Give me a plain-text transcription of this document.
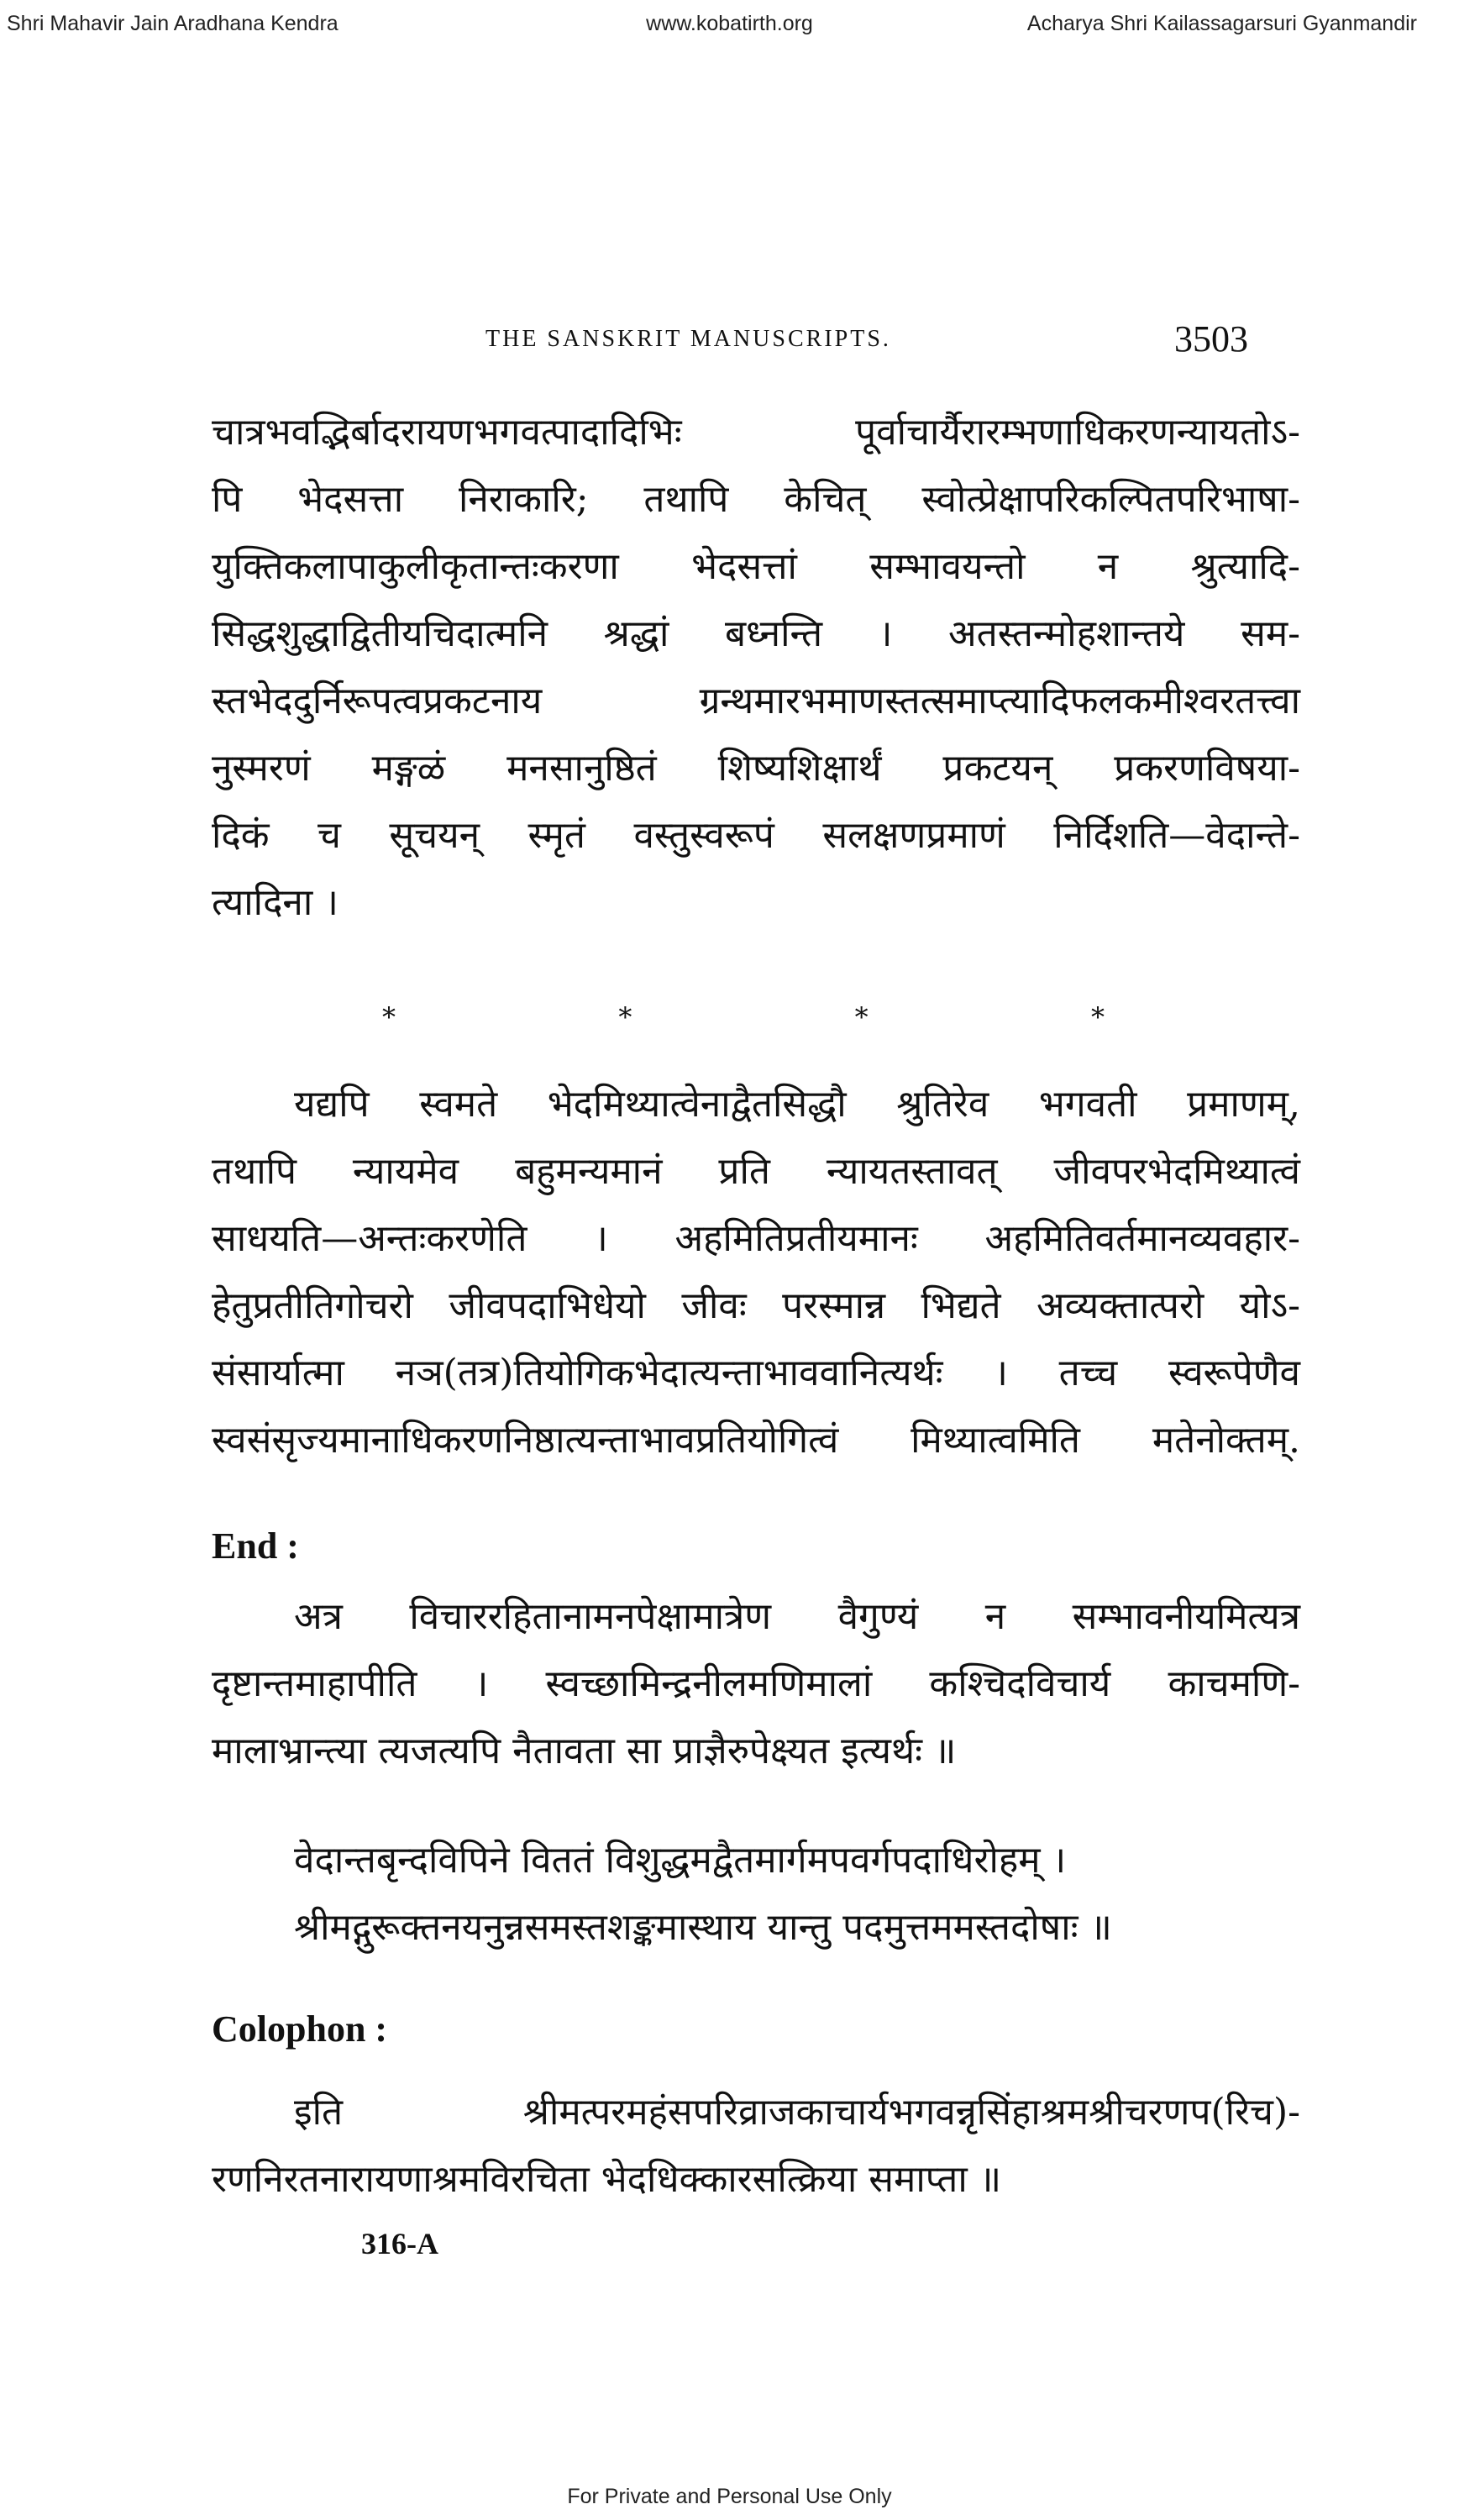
Shri Mahavir Jain Aradhana Kendra	www.kobatirth.org	Acharya Shri Kailassagarsuri Gyanmandir
THE SANSKRIT MANUSCRIPTS.	3503
चात्रभवद्भिर्बादरायणभगवत्पादादिभिः पूर्वाचार्यैरारम्भणाधिकरणन्यायतोऽ-
पि भेदसत्ता निराकारि; तथापि केचित् स्वोत्प्रेक्षापरिकल्पितपरिभाषा-
युक्तिकलापाकुलीकृतान्तःकरणा भेदसत्तां सम्भावयन्तो न श्रुत्यादि-
सिद्धशुद्धाद्वितीयचिदात्मनि श्रद्धां बध्नन्ति । अतस्तन्मोहशान्तये सम-
स्तभेददुर्निरूपत्वप्रकटनाय ग्रन्थमारभमाणस्तत्समाप्त्यादिफलकमीश्वरतत्त्वा
नुस्मरणं मङ्गळं मनसानुष्ठितं शिष्यशिक्षार्थं प्रकटयन् प्रकरणविषया-
दिकं च सूचयन् स्मृतं वस्तुस्वरूपं सलक्षणप्रमाणं निर्दिशति—वेदान्ते-
त्यादिना ।
*	*	*	*
यद्यपि स्वमते भेदमिथ्यात्वेनाद्वैतसिद्धौ श्रुतिरेव भगवती प्रमाणम्,
तथापि न्यायमेव बहुमन्यमानं प्रति न्यायतस्तावत् जीवपरभेदमिथ्यात्वं
साधयति—अन्तःकरणेति । अहमितिप्रतीयमानः अहमितिवर्तमानव्यवहार-
हेतुप्रतीतिगोचरो जीवपदाभिधेयो जीवः परस्मान्न भिद्यते अव्यक्तात्परो योऽ-
संसार्यात्मा नञ(तत्र)तियोगिकभेदात्यन्ताभाववानित्यर्थः । तच्च स्वरूपेणैव
स्वसंसृज्यमानाधिकरणनिष्ठात्यन्ताभावप्रतियोगित्वं मिथ्यात्वमिति मतेनोक्तम्.
End :
अत्र विचाररहितानामनपेक्षामात्रेण वैगुण्यं न सम्भावनीयमित्यत्र
दृष्टान्तमाहापीति । स्वच्छामिन्द्रनीलमणिमालां कश्चिदविचार्य काचमणि-
मालाभ्रान्त्या त्यजत्यपि नैतावता सा प्राज्ञैरुपेक्ष्यत इत्यर्थः ॥
वेदान्तबृन्दविपिने विततं विशुद्धमद्वैतमार्गमपवर्गपदाधिरोहम् ।
श्रीमद्गुरूक्तनयनुन्नसमस्तशङ्कमास्थाय यान्तु पदमुत्तममस्तदोषाः ॥
Colophon :
इति श्रीमत्परमहंसपरिव्राजकाचार्यभगवन्नृसिंहाश्रमश्रीचरणप(रिच)-
रणनिरतनारायणाश्रमविरचिता भेदधिक्कारसत्क्रिया समाप्ता ॥
316-A
For Private and Personal Use Only
